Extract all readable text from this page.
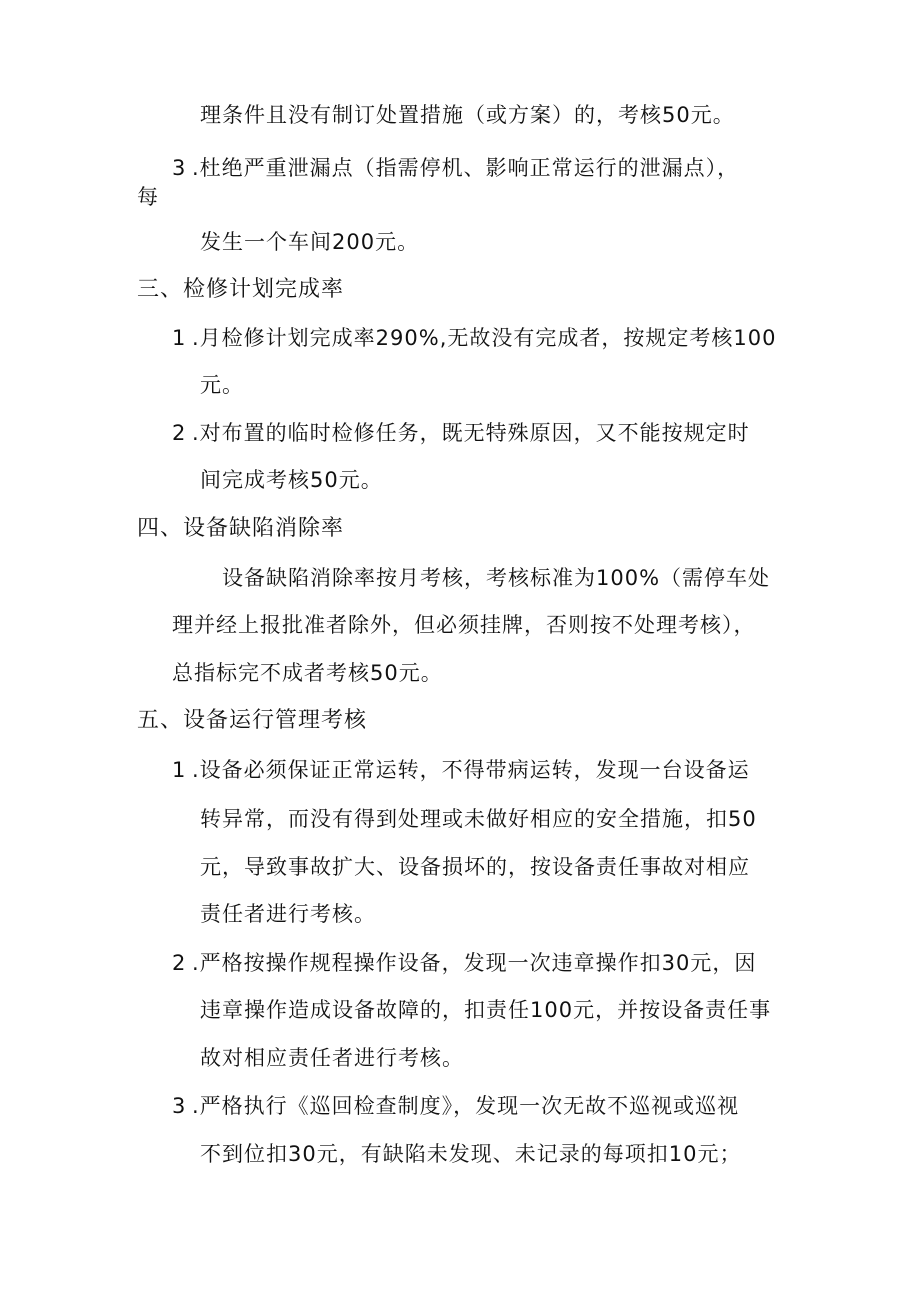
理条件且没有制订处置措施（或方案）的，考核50元。
3 .杜绝严重泄漏点（指需停机、影响正常运行的泄漏点），
每
发生一个车间200元。
三、检修计划完成率
1 .月检修计划完成率290%,无故没有完成者，按规定考核100
元。
2 .对布置的临时检修任务，既无特殊原因，又不能按规定时
间完成考核50元。
四、设备缺陷消除率
设备缺陷消除率按月考核，考核标准为100%（需停车处
理并经上报批准者除外，但必须挂牌，否则按不处理考核），
总指标完不成者考核50元。
五、设备运行管理考核
1 .设备必须保证正常运转，不得带病运转，发现一台设备运
转异常，而没有得到处理或未做好相应的安全措施，扣50
元，导致事故扩大、设备损坏的，按设备责任事故对相应
责任者进行考核。
2 .严格按操作规程操作设备，发现一次违章操作扣30元，因
违章操作造成设备故障的，扣责任100元，并按设备责任事
故对相应责任者进行考核。
3 .严格执行《巡回检查制度》，发现一次无故不巡视或巡视
不到位扣30元，有缺陷未发现、未记录的每项扣10元；
